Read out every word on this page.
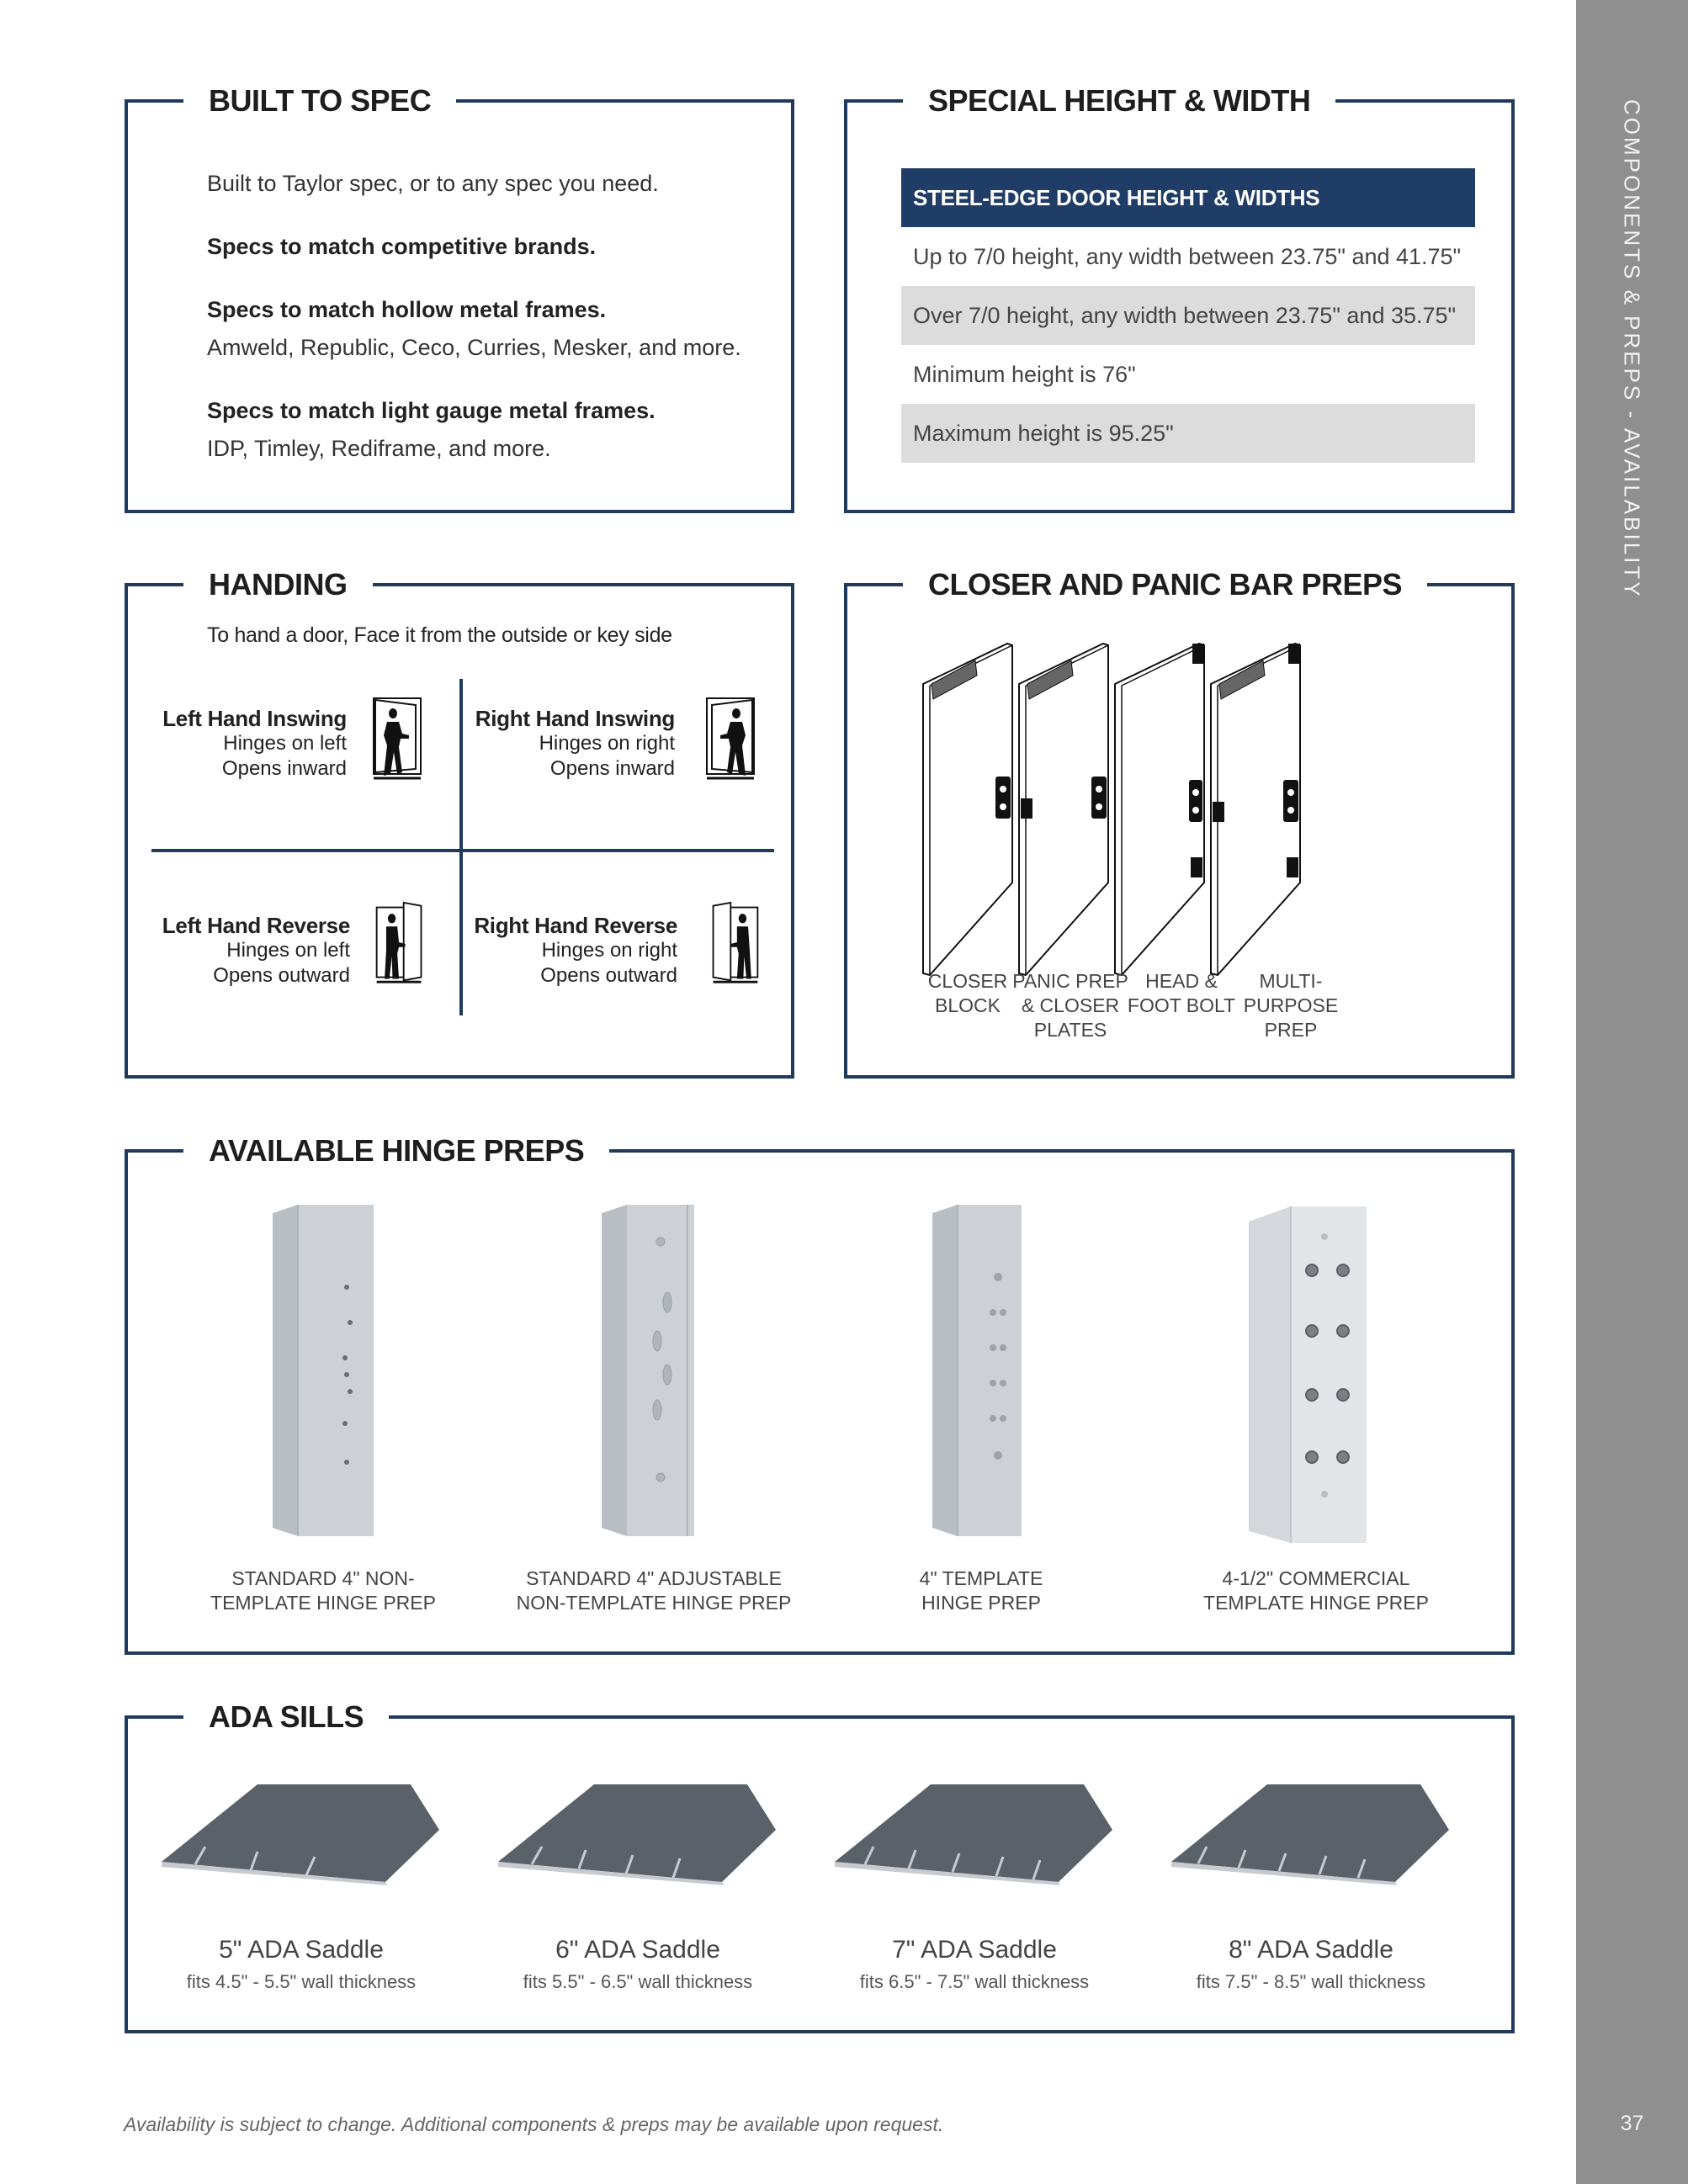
BUILT TO SPEC
Built to Taylor spec, or to any spec you need.
Specs to match competitive brands.
Specs to match hollow metal frames.
Amweld, Republic, Ceco, Curries, Mesker, and more.
Specs to match light gauge metal frames.
IDP, Timley, Rediframe, and more.
SPECIAL HEIGHT & WIDTH
STEEL-EDGE DOOR HEIGHT & WIDTHS
Up to 7/0 height, any width between 23.75" and 41.75"
Over 7/0 height, any width between 23.75" and 35.75"
Minimum height is 76"
Maximum height is 95.25"
HANDING
To hand a door, Face it from the outside or key side
Left Hand Inswing
Hinges on left
Opens inward
Right Hand Inswing
Hinges on right
Opens inward
Left Hand Reverse
Hinges on left
Opens outward
Right Hand Reverse
Hinges on right
Opens outward
CLOSER AND PANIC BAR PREPS
CLOSER
BLOCK
PANIC PREP
& CLOSER
PLATES
HEAD &
FOOT BOLT
MULTI-
PURPOSE
PREP
AVAILABLE HINGE PREPS
STANDARD 4" NON-
TEMPLATE HINGE PREP
STANDARD 4" ADJUSTABLE
NON-TEMPLATE HINGE PREP
4" TEMPLATE
HINGE PREP
4-1/2" COMMERCIAL
TEMPLATE HINGE PREP
ADA SILLS
5" ADA Saddle
fits 4.5" - 5.5" wall thickness
6" ADA Saddle
fits 5.5" - 6.5" wall thickness
7" ADA Saddle
fits 6.5" - 7.5" wall thickness
8" ADA Saddle
fits 7.5" - 8.5" wall thickness
Availability is subject to change. Additional components & preps may be available upon request.
COMPONENTS & PREPS - AVAILABILITY
37
